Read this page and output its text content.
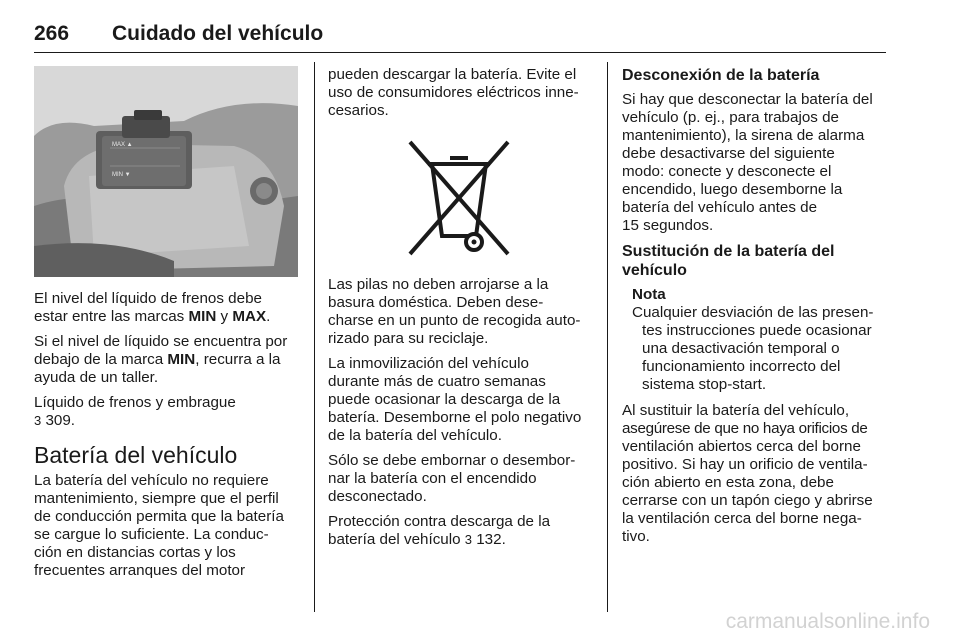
266	Cuidado del vehículo
MAX ▲
MIN ▼

El nivel del líquido de frenos debe
estar entre las marcas MIN y MAX.

Si el nivel de líquido se encuentra por
debajo de la marca MIN, recurra a la
ayuda de un taller.

Líquido de frenos y embrague
3 309.

Batería del vehículo

La batería del vehículo no requiere
mantenimiento, siempre que el perfil
de conducción permita que la batería
se cargue lo suficiente. La conduc-
ción en distancias cortas y los
frecuentes arranques del motor

pueden descargar la batería. Evite el
uso de consumidores eléctricos inne-
cesarios.

Las pilas no deben arrojarse a la
basura doméstica. Deben dese-
charse en un punto de recogida auto-
rizado para su reciclaje.

La inmovilización del vehículo
durante más de cuatro semanas
puede ocasionar la descarga de la
batería. Desemborne el polo negativo
de la batería del vehículo.

Sólo se debe embornar o desembor-
nar la batería con el encendido
desconectado.

Protección contra descarga de la
batería del vehículo 3 132.

Desconexión de la batería

Si hay que desconectar la batería del
vehículo (p. ej., para trabajos de
mantenimiento), la sirena de alarma
debe desactivarse del siguiente
modo: conecte y desconecte el
encendido, luego desemborne la
batería del vehículo antes de
15 segundos.

Sustitución de la batería del
vehículo
Nota
Cualquier desviación de las presen-
tes instrucciones puede ocasionar
una desactivación temporal o
funcionamiento incorrecto del
sistema stop-start.

Al sustituir la batería del vehículo,
asegúrese de que no haya orificios de
ventilación abiertos cerca del borne
positivo. Si hay un orificio de ventila-
ción abierto en esta zona, debe
cerrarse con un tapón ciego y abrirse
la ventilación cerca del borne nega-
tivo.

carmanualsonline.info
